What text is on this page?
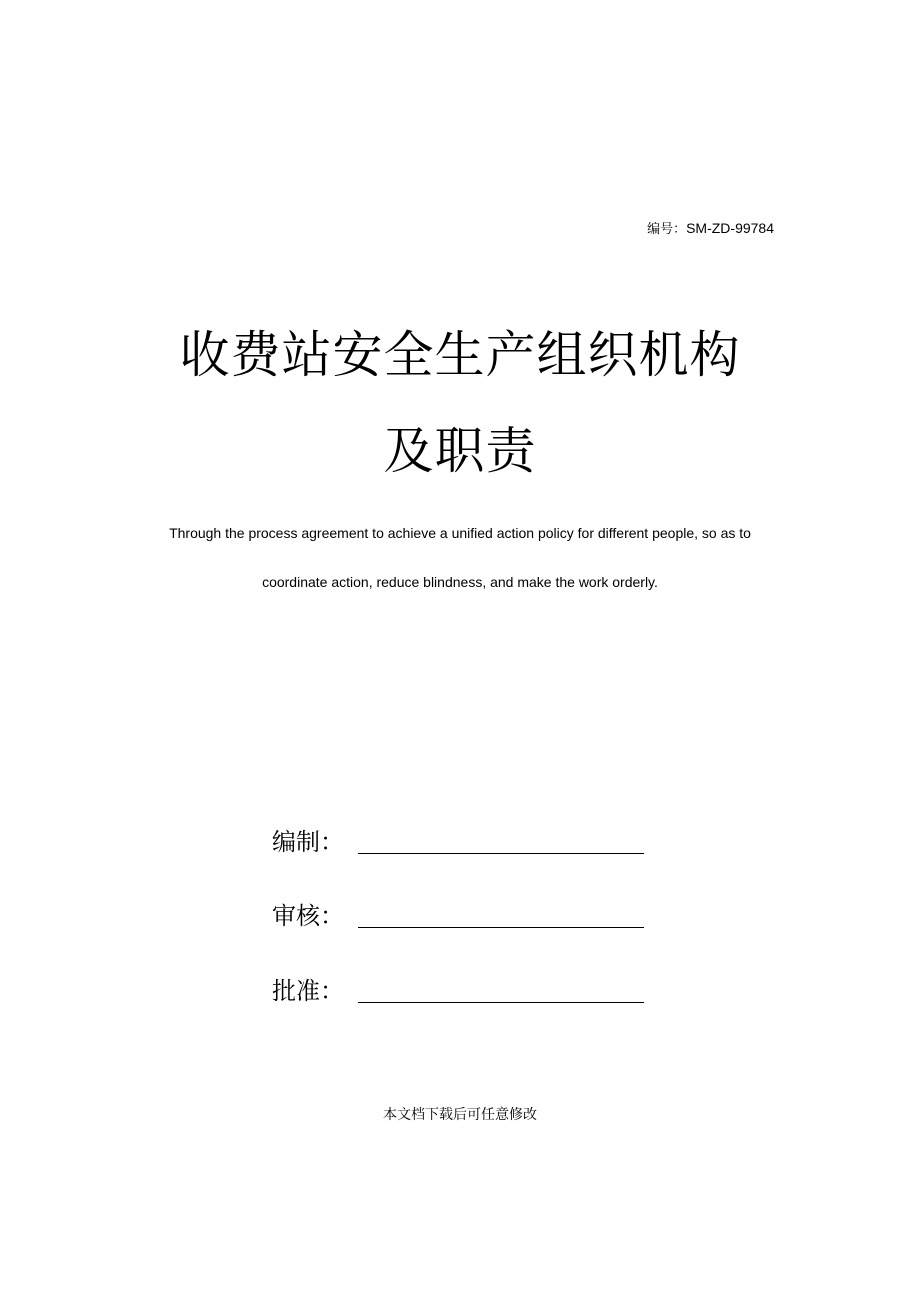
编号：SM-ZD-99784
收费站安全生产组织机构
及职责
Through the process agreement to achieve a unified action policy for different people, so as to
coordinate action, reduce blindness, and make the work orderly.
编制：
审核：
批准：
本文档下载后可任意修改
